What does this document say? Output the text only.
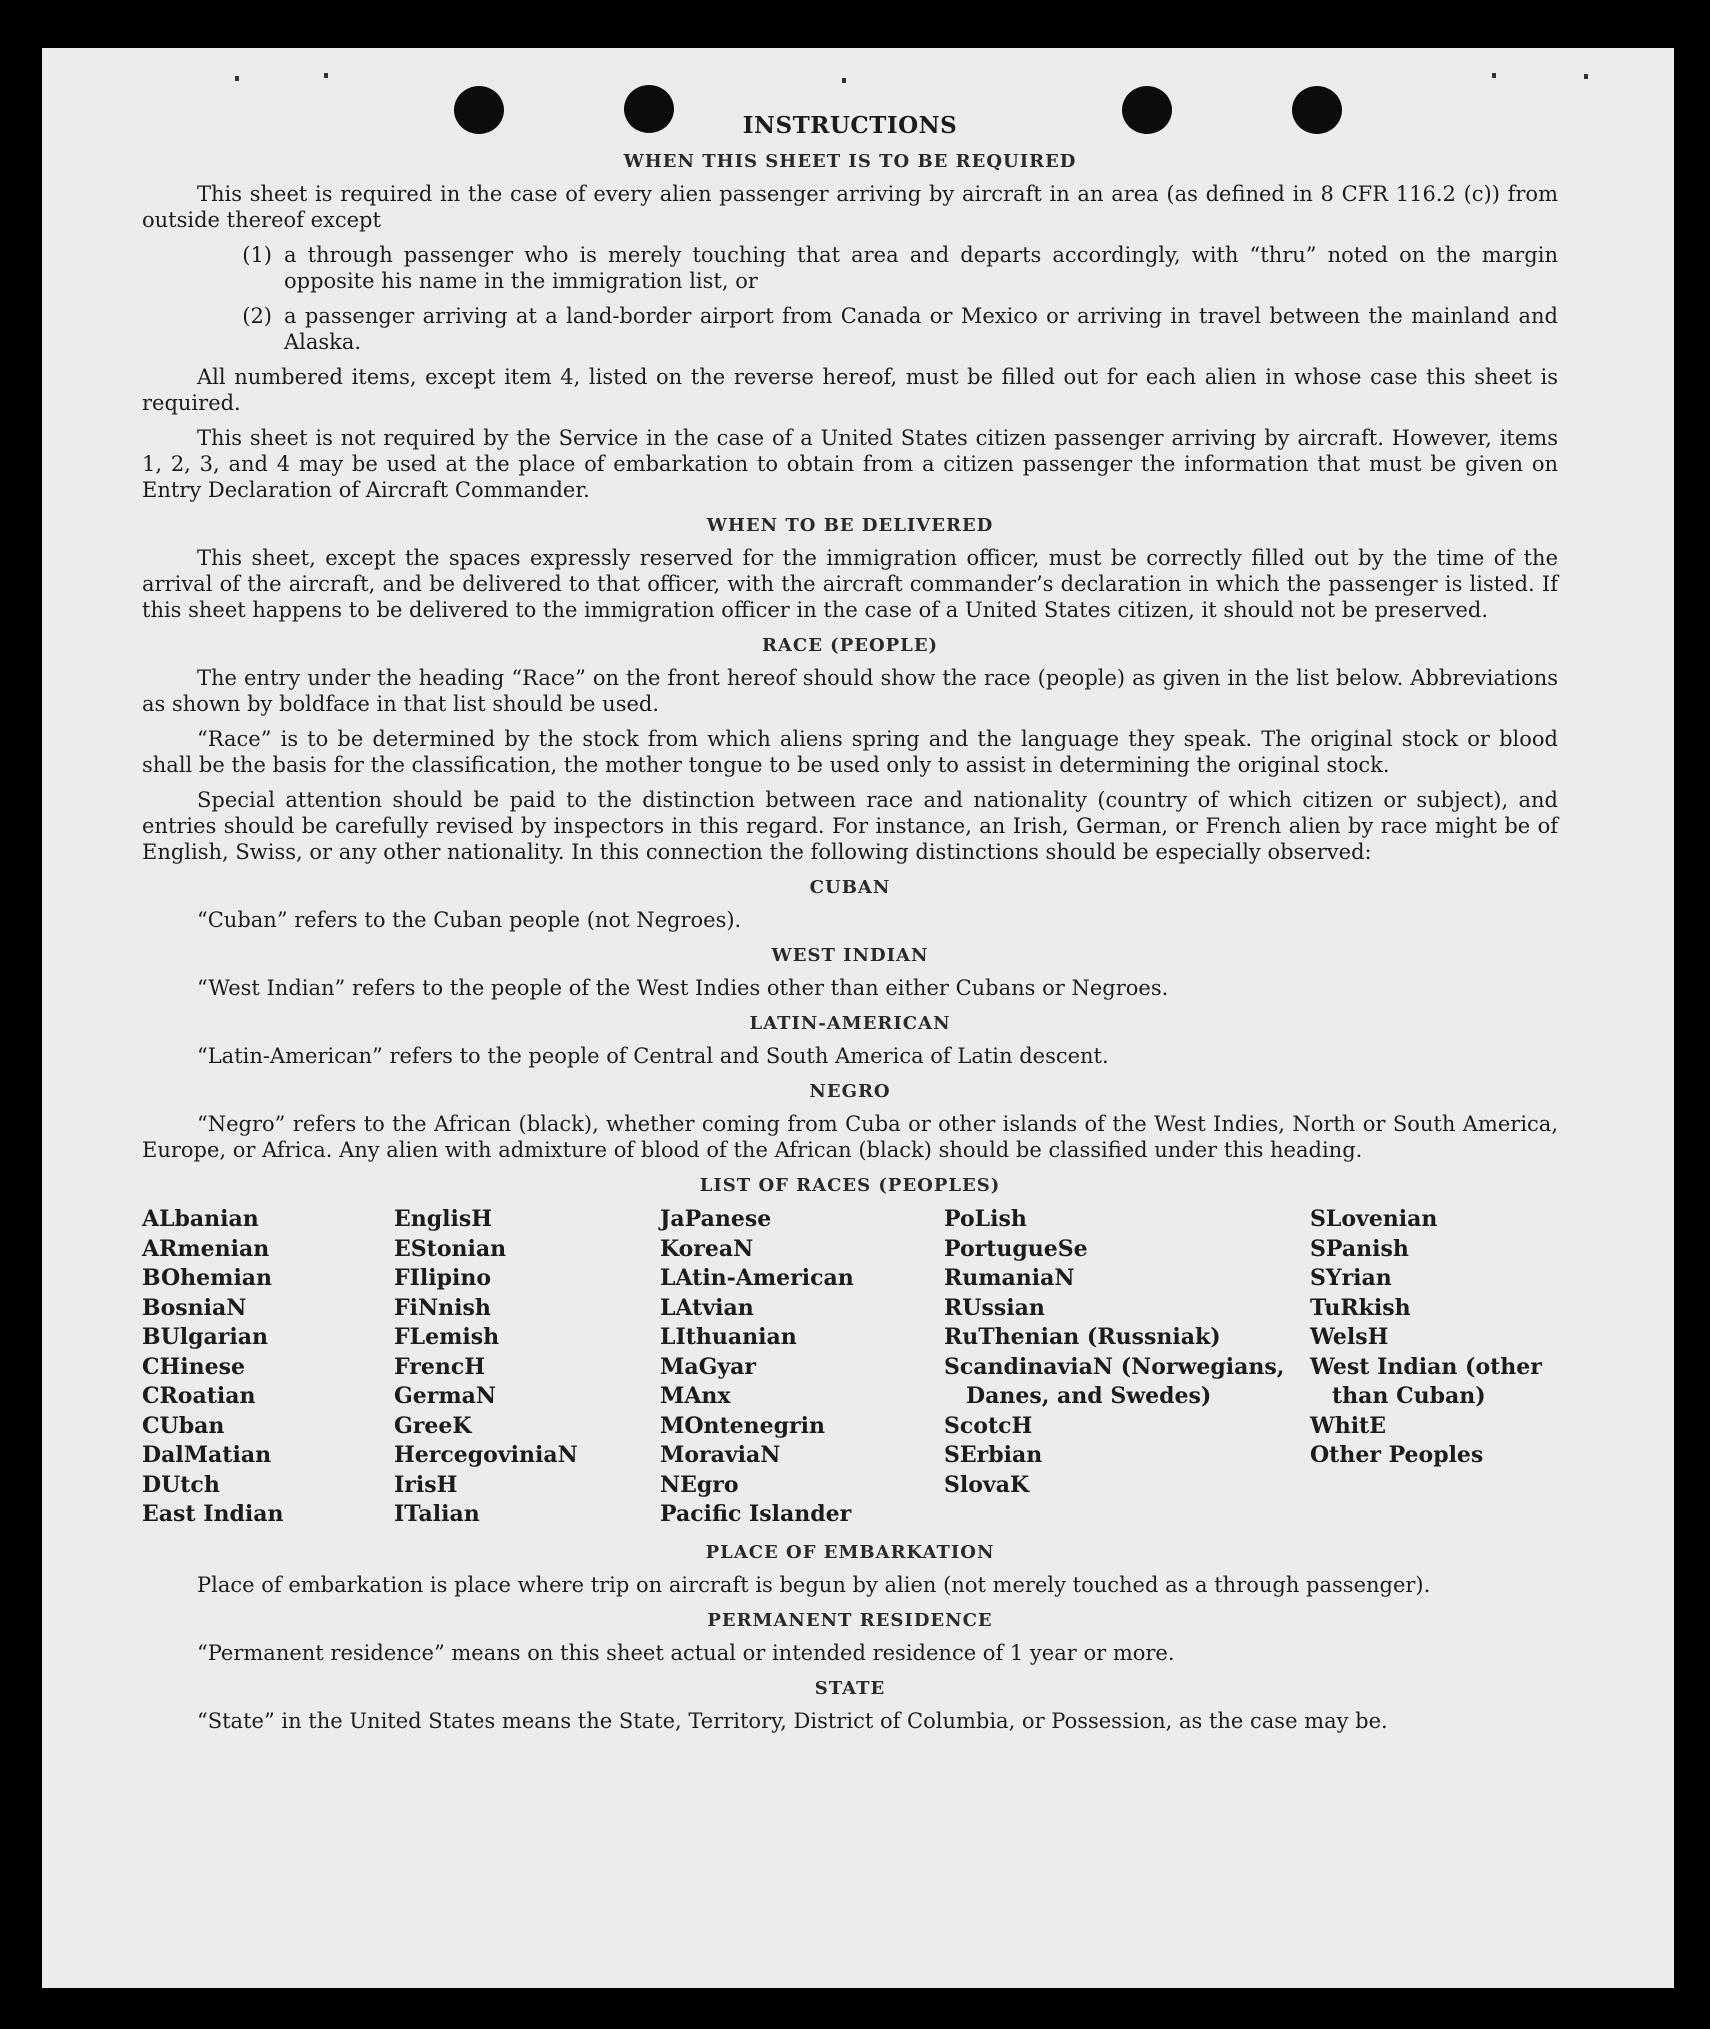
INSTRUCTIONS
WHEN THIS SHEET IS TO BE REQUIRED
This sheet is required in the case of every alien passenger arriving by aircraft in an area (as defined in 8 CFR 116.2 (c)) from outside thereof except
(1) a through passenger who is merely touching that area and departs accordingly, with “thru” noted on the margin opposite his name in the immigration list, or
(2) a passenger arriving at a land-border airport from Canada or Mexico or arriving in travel between the mainland and Alaska.
All numbered items, except item 4, listed on the reverse hereof, must be filled out for each alien in whose case this sheet is required.
This sheet is not required by the Service in the case of a United States citizen passenger arriving by aircraft. However, items 1, 2, 3, and 4 may be used at the place of embarkation to obtain from a citizen passenger the information that must be given on Entry Declaration of Aircraft Commander.
WHEN TO BE DELIVERED
This sheet, except the spaces expressly reserved for the immigration officer, must be correctly filled out by the time of the arrival of the aircraft, and be delivered to that officer, with the aircraft commander’s declaration in which the passenger is listed. If this sheet happens to be delivered to the immigration officer in the case of a United States citizen, it should not be preserved.
RACE (PEOPLE)
The entry under the heading “Race” on the front hereof should show the race (people) as given in the list below. Abbreviations as shown by boldface in that list should be used.
“Race” is to be determined by the stock from which aliens spring and the language they speak. The original stock or blood shall be the basis for the classification, the mother tongue to be used only to assist in determining the original stock.
Special attention should be paid to the distinction between race and nationality (country of which citizen or subject), and entries should be carefully revised by inspectors in this regard. For instance, an Irish, German, or French alien by race might be of English, Swiss, or any other nationality. In this connection the following distinctions should be especially observed:
CUBAN
“Cuban” refers to the Cuban people (not Negroes).
WEST INDIAN
“West Indian” refers to the people of the West Indies other than either Cubans or Negroes.
LATIN-AMERICAN
“Latin-American” refers to the people of Central and South America of Latin descent.
NEGRO
“Negro” refers to the African (black), whether coming from Cuba or other islands of the West Indies, North or South America, Europe, or Africa. Any alien with admixture of blood of the African (black) should be classified under this heading.
LIST OF RACES (PEOPLES)
ALbanian
ARmenian
BOhemian
BosniaN
BUlgarian
CHinese
CRoatian
CUban
DalMatian
DUtch
East Indian
EnglisH
EStonian
FIlipino
FiNnish
FLemish
FrencH
GermaN
GreeK
HercegoviniaN
IrisH
ITalian
JaPanese
KoreaN
LAtin-American
LAtvian
LIthuanian
MaGyar
MAnx
MOntenegrin
MoraviaN
NEgro
Pacific Islander
PoLish
PortugueSe
RumaniaN
RUssian
RuThenian (Russniak)
ScandinaviaN (Norwegians, Danes, and Swedes)
ScotcH
SErbian
SlovaK
SLovenian
SPanish
SYrian
TuRkish
WelsH
West Indian (other than Cuban)
WhitE
Other Peoples
PLACE OF EMBARKATION
Place of embarkation is place where trip on aircraft is begun by alien (not merely touched as a through passenger).
PERMANENT RESIDENCE
“Permanent residence” means on this sheet actual or intended residence of 1 year or more.
STATE
“State” in the United States means the State, Territory, District of Columbia, or Possession, as the case may be.
